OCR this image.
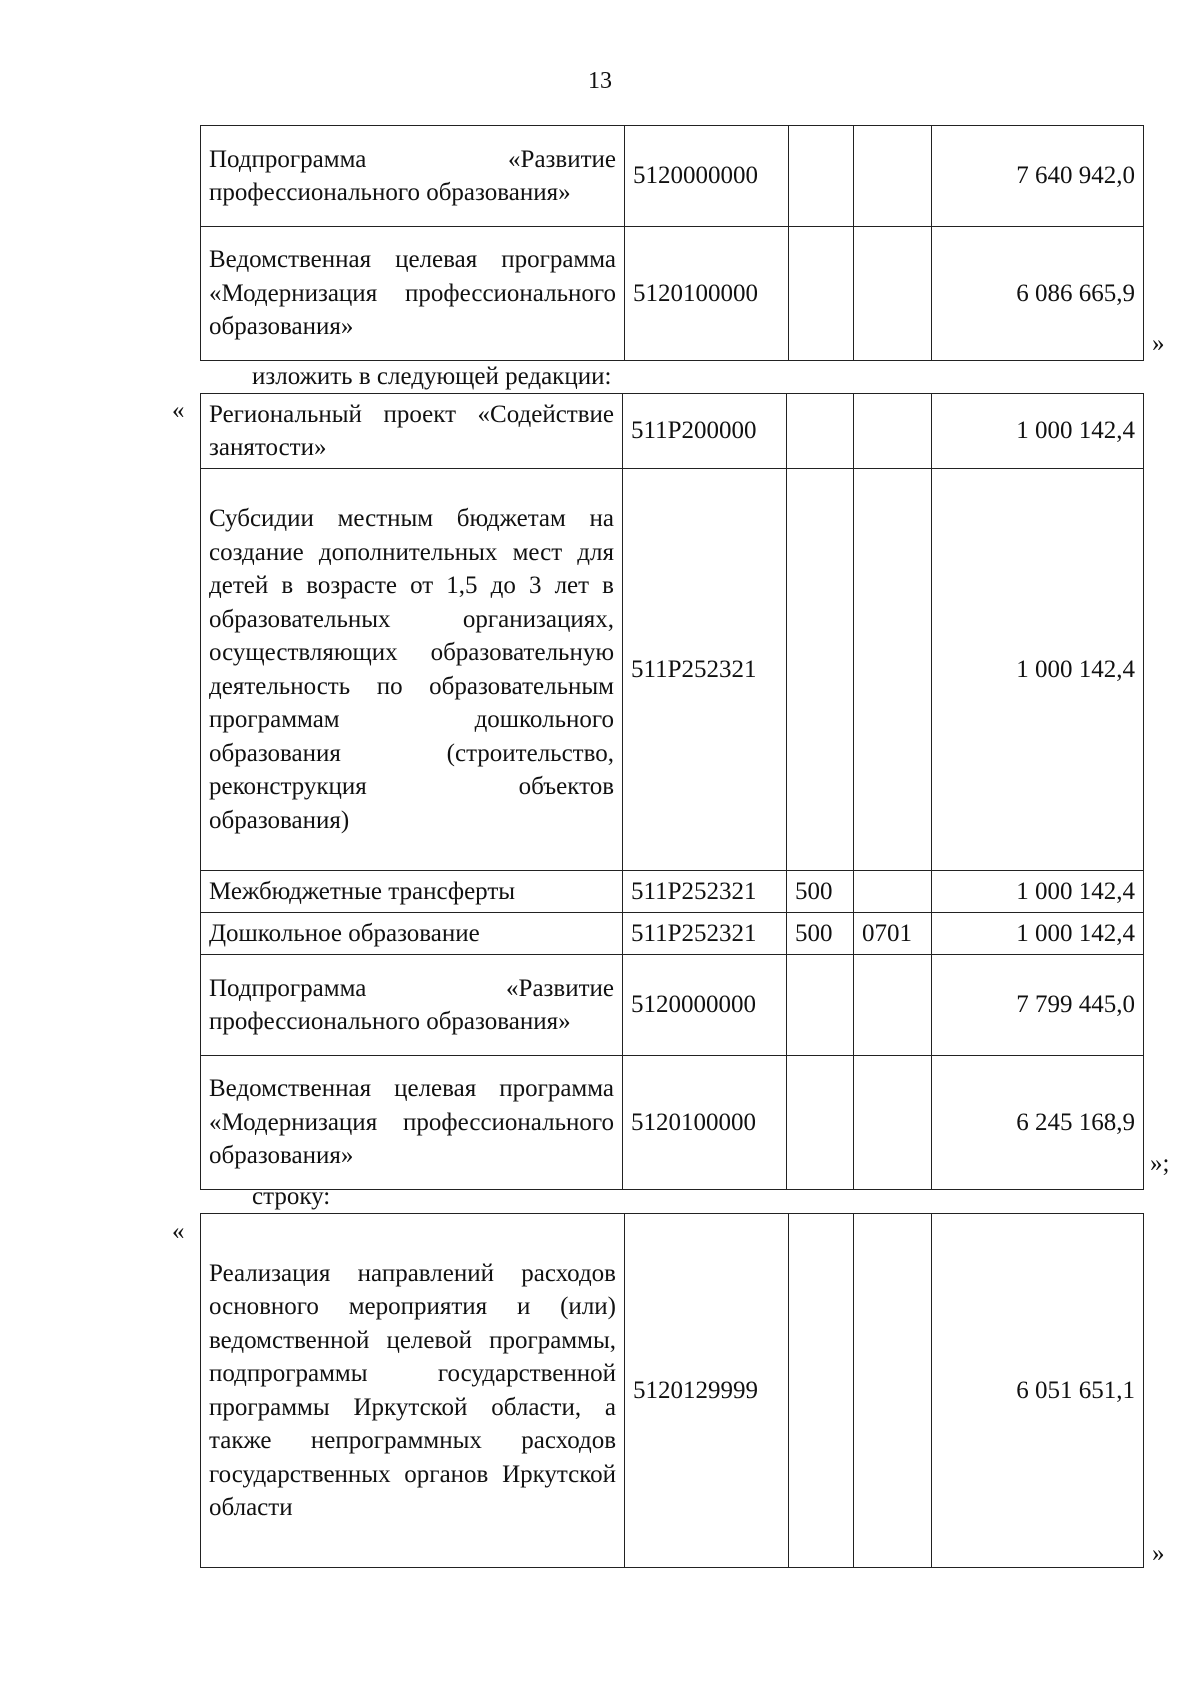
13
Подпрограмма «Развитие профессионального образования»	5120000000			7 640 942,0
Ведомственная целевая программа «Модернизация профессионального образования»	5120100000			6 086 665,9
»
изложить в следующей редакции:
« Региональный проект «Содействие занятости»	511P200000			1 000 142,4
Субсидии местным бюджетам на создание дополнительных мест для детей в возрасте от 1,5 до 3 лет в образовательных организациях, осуществляющих образовательную деятельность по образовательным программам дошкольного образования (строительство, реконструкция объектов образования)	511P252321			1 000 142,4
Межбюджетные трансферты	511P252321	500		1 000 142,4
Дошкольное образование	511P252321	500	0701	1 000 142,4
Подпрограмма «Развитие профессионального образования»	5120000000			7 799 445,0
Ведомственная целевая программа «Модернизация профессионального образования»	5120100000			6 245 168,9
»;
строку:
«
Реализация направлений расходов основного мероприятия и (или) ведомственной целевой программы, подпрограммы государственной программы Иркутской области, а также непрограммных расходов государственных органов Иркутской области	5120129999			6 051 651,1
»
